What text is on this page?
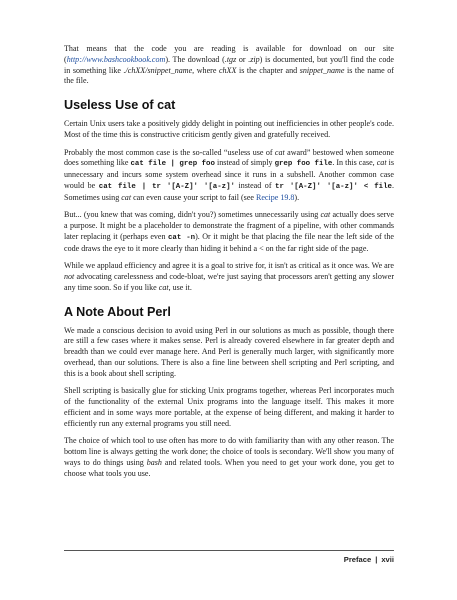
That means that the code you are reading is available for download on our site (http://www.bashcookbook.com). The download (.tgz or .zip) is documented, but you'll find the code in something like ./chXX/snippet_name, where chXX is the chapter and snippet_name is the name of the file.

Useless Use of cat

Certain Unix users take a positively giddy delight in pointing out inefficiencies in other people's code. Most of the time this is constructive criticism gently given and gratefully received.

Probably the most common case is the so-called “useless use of cat award” bestowed when someone does something like cat file | grep foo instead of simply grep foo file. In this case, cat is unnecessary and incurs some system overhead since it runs in a subshell. Another common case would be cat file | tr '[A-Z]' '[a-z]' instead of tr '[A-Z]' '[a-z]' < file. Sometimes using cat can even cause your script to fail (see Recipe 19.8).

But... (you knew that was coming, didn't you?) sometimes unnecessarily using cat actually does serve a purpose. It might be a placeholder to demonstrate the fragment of a pipeline, with other commands later replacing it (perhaps even cat -n). Or it might be that placing the file near the left side of the code draws the eye to it more clearly than hiding it behind a < on the far right side of the page.

While we applaud efficiency and agree it is a goal to strive for, it isn't as critical as it once was. We are not advocating carelessness and code-bloat, we're just saying that processors aren't getting any slower any time soon. So if you like cat, use it.

A Note About Perl

We made a conscious decision to avoid using Perl in our solutions as much as possible, though there are still a few cases where it makes sense. Perl is already covered elsewhere in far greater depth and breadth than we could ever manage here. And Perl is generally much larger, with significantly more overhead, than our solutions. There is also a fine line between shell scripting and Perl scripting, and this is a book about shell scripting.

Shell scripting is basically glue for sticking Unix programs together, whereas Perl incorporates much of the functionality of the external Unix programs into the language itself. This makes it more efficient and in some ways more portable, at the expense of being different, and making it harder to efficiently run any external programs you still need.

The choice of which tool to use often has more to do with familiarity than with any other reason. The bottom line is always getting the work done; the choice of tools is secondary. We'll show you many of ways to do things using bash and related tools. When you need to get your work done, you get to choose what tools you use.

Preface | xvii
